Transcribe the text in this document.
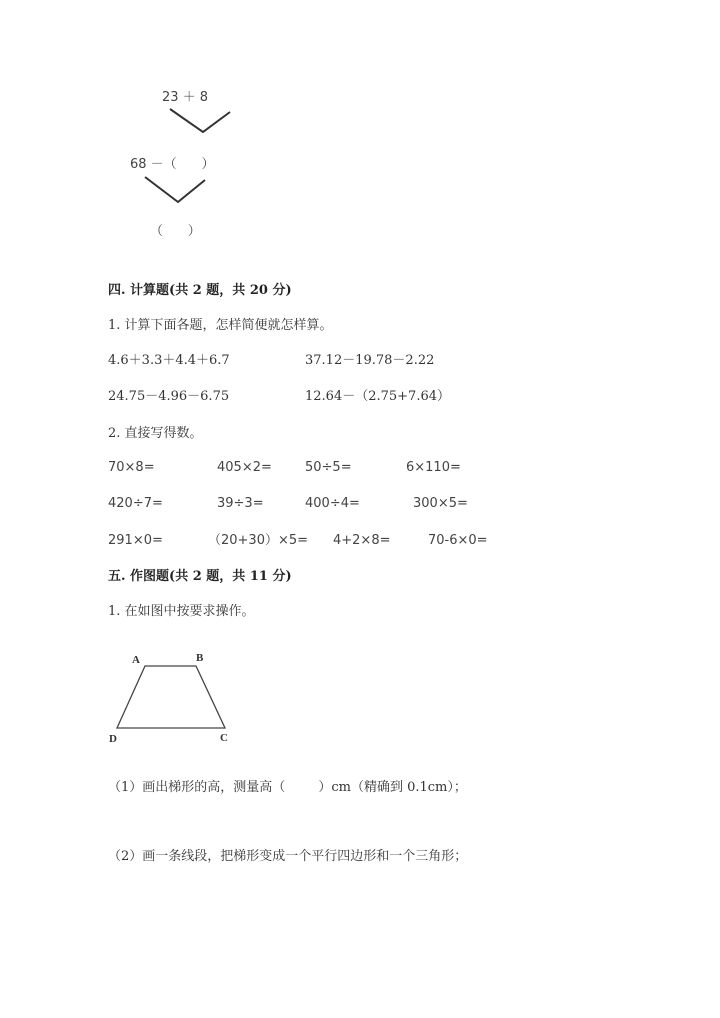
A	B
C
D
23 ＋ 8
68 －（      ）
（      ）
四. 计算题(共 2 题，共 20 分)
1. 计算下面各题，怎样简便就怎样算。
4.6＋3.3＋4.4＋6.7	37.12－19.78－2.22
24.75－4.96－6.75	12.64－（2.75+7.64）
2. 直接写得数。
70×8=	405×2=	50÷5=	6×110=
420÷7=	39÷3=	400÷4=	300×5=
291×0=	（20+30）×5= 4+2×8=	70-6×0=
五. 作图题(共 2 题，共 11 分)
1. 在如图中按要求操作。
（1）画出梯形的高，测量高（        ）cm（精确到 0.1cm）；
（2）画一条线段，把梯形变成一个平行四边形和一个三角形；
